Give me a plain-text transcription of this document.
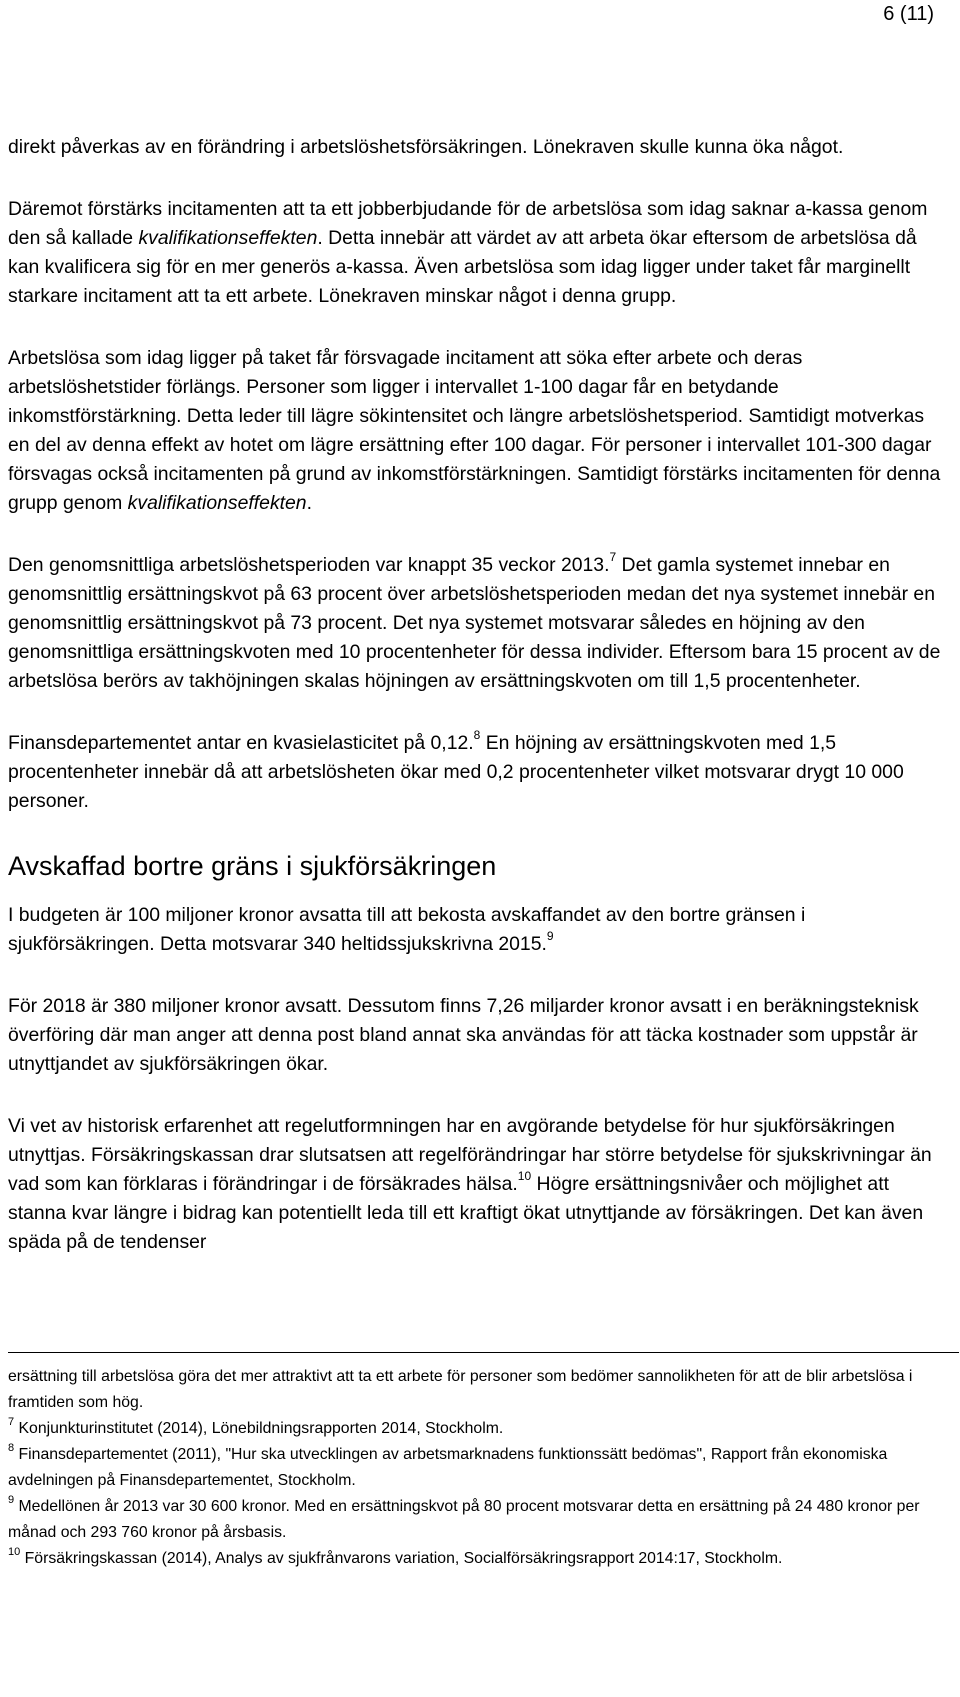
6 (11)

direkt påverkas av en förändring i arbetslöshetsförsäkringen. Lönekraven skulle kunna öka något.

Däremot förstärks incitamenten att ta ett jobberbjudande för de arbetslösa som idag saknar a-kassa genom den så kallade kvalifikationseffekten. Detta innebär att värdet av att arbeta ökar eftersom de arbetslösa då kan kvalificera sig för en mer generös a-kassa. Även arbetslösa som idag ligger under taket får marginellt starkare incitament att ta ett arbete. Lönekraven minskar något i denna grupp.

Arbetslösa som idag ligger på taket får försvagade incitament att söka efter arbete och deras arbetslöshetstider förlängs. Personer som ligger i intervallet 1-100 dagar får en betydande inkomstförstärkning. Detta leder till lägre sökintensitet och längre arbetslöshetsperiod. Samtidigt motverkas en del av denna effekt av hotet om lägre ersättning efter 100 dagar. För personer i intervallet 101-300 dagar försvagas också incitamenten på grund av inkomstförstärkningen. Samtidigt förstärks incitamenten för denna grupp genom kvalifikationseffekten.

Den genomsnittliga arbetslöshetsperioden var knappt 35 veckor 2013.$^7$ Det gamla systemet innebar en genomsnittlig ersättningskvot på 63 procent över arbetslöshetsperioden medan det nya systemet innebär en genomsnittlig ersättningskvot på 73 procent. Det nya systemet motsvarar således en höjning av den genomsnittliga ersättningskvoten med 10 procentenheter för dessa individer. Eftersom bara 15 procent av de arbetslösa berörs av takhöjningen skalas höjningen av ersättningskvoten om till 1,5 procentenheter.

Finansdepartementet antar en kvasielasticitet på 0,12.$^8$ En höjning av ersättningskvoten med 1,5 procentenheter innebär då att arbetslösheten ökar med 0,2 procentenheter vilket motsvarar drygt 10 000 personer.

Avskaffad bortre gräns i sjukförsäkringen

I budgeten är 100 miljoner kronor avsatta till att bekosta avskaffandet av den bortre gränsen i sjukförsäkringen. Detta motsvarar 340 heltidssjukskrivna 2015.$^9$

För 2018 är 380 miljoner kronor avsatt. Dessutom finns 7,26 miljarder kronor avsatt i en beräkningsteknisk överföring där man anger att denna post bland annat ska användas för att täcka kostnader som uppstår är utnyttjandet av sjukförsäkringen ökar.

Vi vet av historisk erfarenhet att regelutformningen har en avgörande betydelse för hur sjukförsäkringen utnyttjas. Försäkringskassan drar slutsatsen att regelförändringar har större betydelse för sjukskrivningar än vad som kan förklaras i förändringar i de försäkrades hälsa.$^{10}$ Högre ersättningsnivåer och möjlighet att stanna kvar längre i bidrag kan potentiellt leda till ett kraftigt ökat utnyttjande av försäkringen. Det kan även späda på de tendenser

ersättning till arbetslösa göra det mer attraktivt att ta ett arbete för personer som bedömer sannolikheten för att de blir arbetslösa i framtiden som hög.

$^7$ Konjunkturinstitutet (2014), Lönebildningsrapporten 2014, Stockholm.

$^8$ Finansdepartementet (2011), "Hur ska utvecklingen av arbetsmarknadens funktionssätt bedömas", Rapport från ekonomiska avdelningen på Finansdepartementet, Stockholm.

$^9$ Medellönen år 2013 var 30 600 kronor. Med en ersättningskvot på 80 procent motsvarar detta en ersättning på 24 480 kronor per månad och 293 760 kronor på årsbasis.

$^{10}$ Försäkringskassan (2014), Analys av sjukfrånvarons variation, Socialförsäkringsrapport 2014:17, Stockholm.
